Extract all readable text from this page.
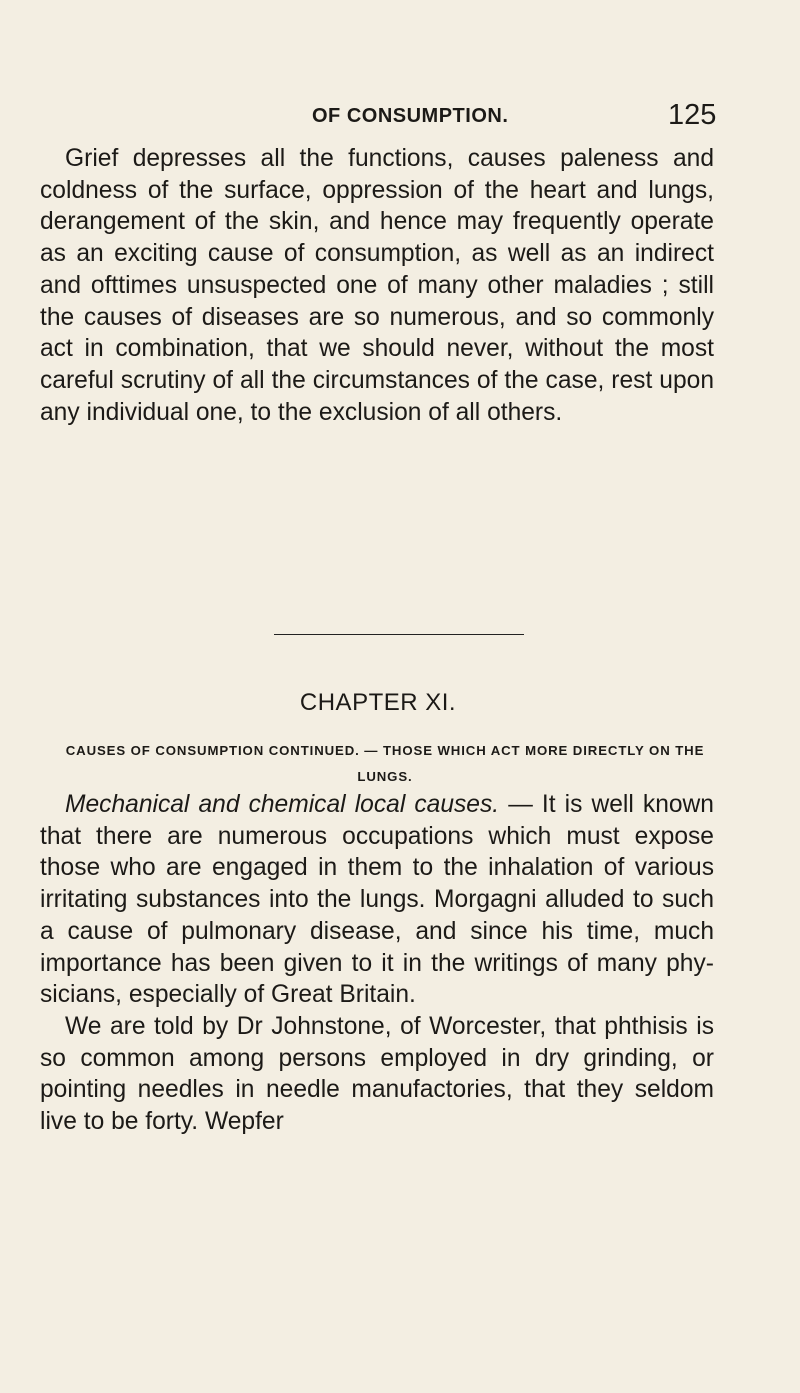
OF CONSUMPTION.	125

Grief depresses all the functions, causes paleness and coldness of the surface, oppression of the heart and lungs, derangement of the skin, and hence may frequently operate as an exciting cause of consumption, as well as an indirect and ofttimes unsuspected one of many other maladies ; still the causes of diseases are so numerous, and so commonly act in combination, that we should never, without the most careful scrutiny of all the circumstances of the case, rest upon any individual one, to the exclusion of all others.

CHAPTER XI.
CAUSES OF CONSUMPTION CONTINUED. — THOSE WHICH ACT MORE DIRECTLY ON THE LUNGS.

Mechanical and chemical local causes. — It is well known that there are numerous occupations which must expose those who are engaged in them to the inhalation of various irritating substances into the lungs. Morgagni alluded to such a cause of pulmonary disease, and since his time, much importance has been given to it in the writings of many physicians, especially of Great Britain.

We are told by Dr Johnstone, of Worcester, that phthisis is so common among persons employed in dry grinding, or pointing needles in needle manufactories, that they seldom live to be forty. Wepfer
